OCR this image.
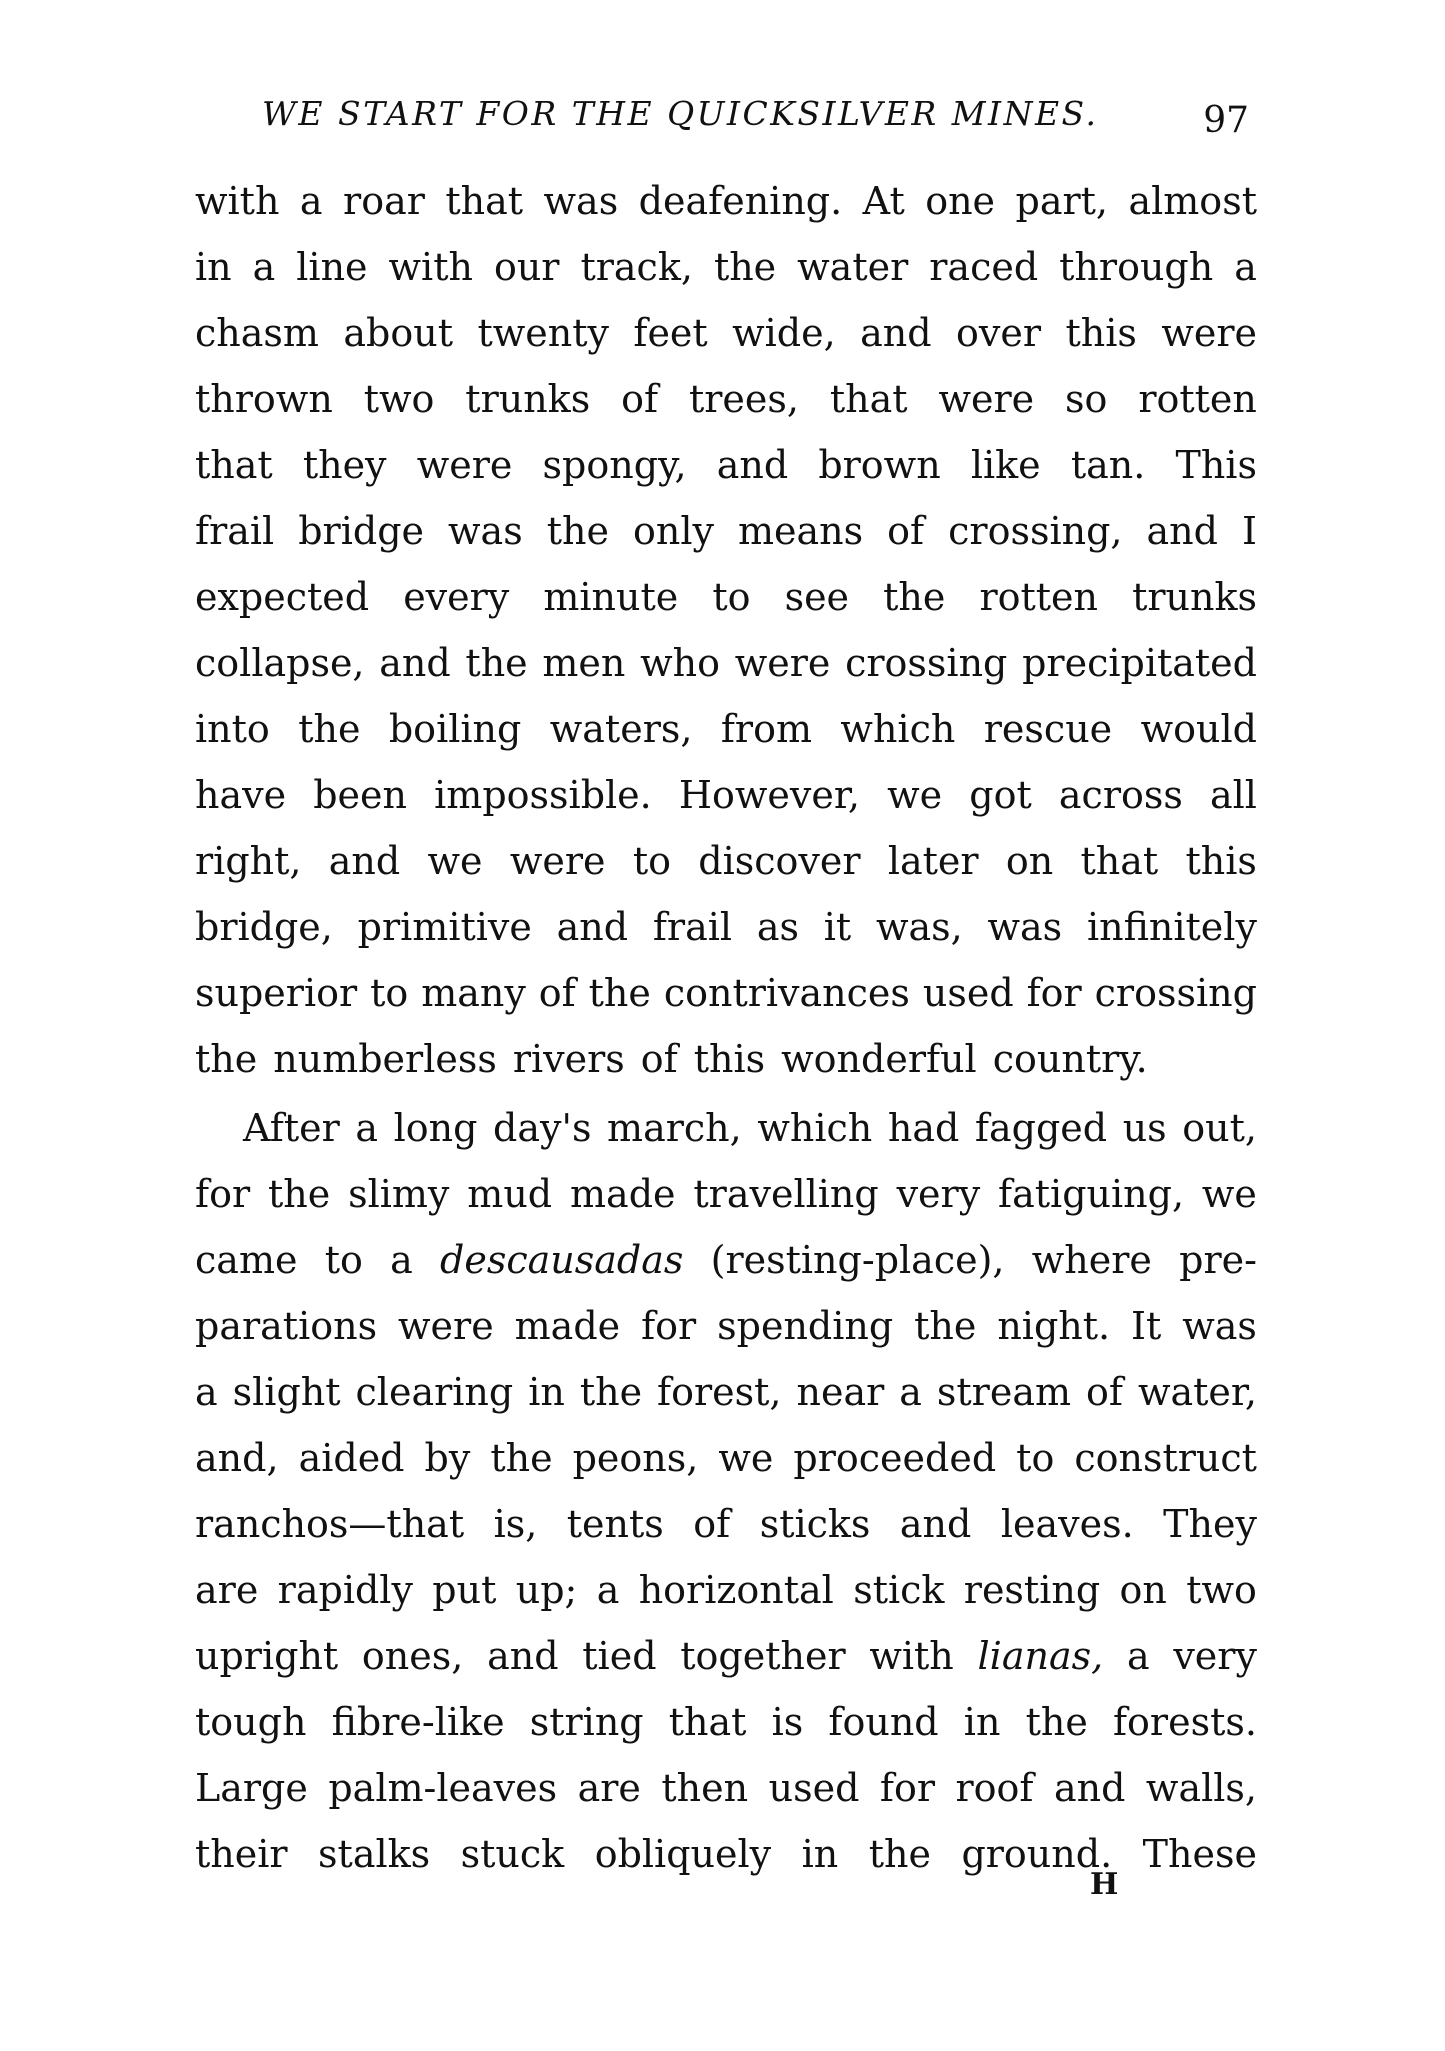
WE START FOR THE QUICKSILVER MINES.	97
with a roar that was deafening. At one part, almost
in a line with our track, the water raced through a
chasm about twenty feet wide, and over this were
thrown two trunks of trees, that were so rotten
that they were spongy, and brown like tan. This
frail bridge was the only means of crossing, and I
expected every minute to see the rotten trunks
collapse, and the men who were crossing precipitated
into the boiling waters, from which rescue would
have been impossible. However, we got across all
right, and we were to discover later on that this
bridge, primitive and frail as it was, was infinitely
superior to many of the contrivances used for crossing
the numberless rivers of this wonderful country.
After a long day's march, which had fagged us out,
for the slimy mud made travelling very fatiguing, we
came to a descausadas (resting-place), where pre-
parations were made for spending the night. It was
a slight clearing in the forest, near a stream of water,
and, aided by the peons, we proceeded to construct
ranchos—that is, tents of sticks and leaves. They
are rapidly put up; a horizontal stick resting on two
upright ones, and tied together with lianas, a very
tough fibre-like string that is found in the forests.
Large palm-leaves are then used for roof and walls,
their stalks stuck obliquely in the ground. These
H
